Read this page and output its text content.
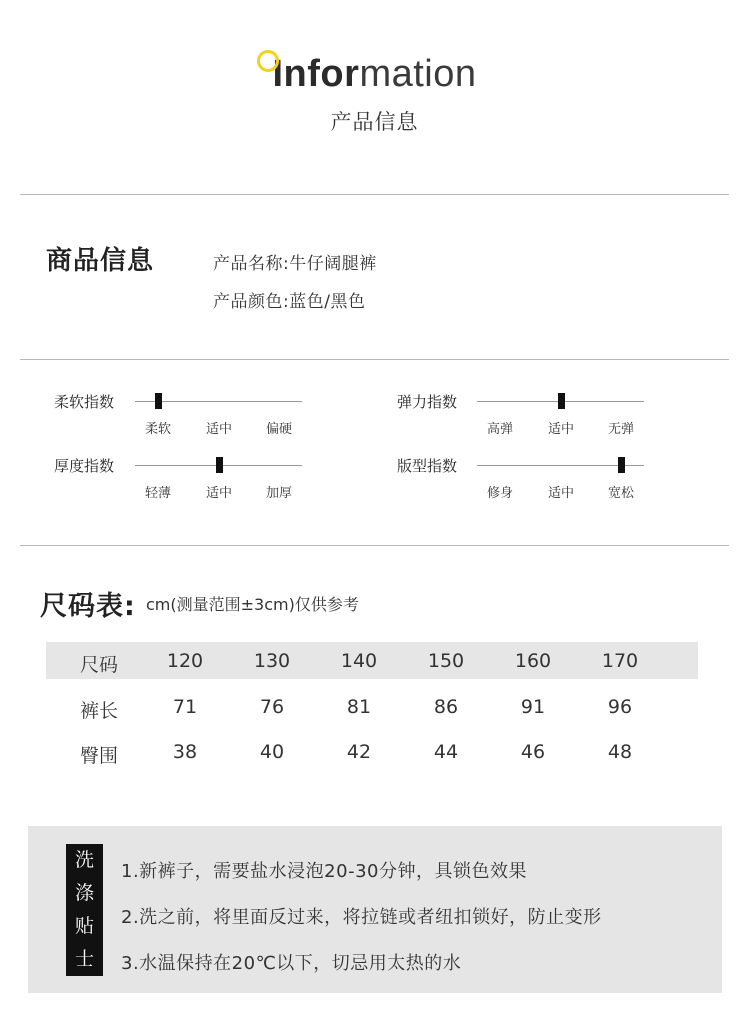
Information
产品信息
商品信息	产品名称:牛仔阔腿裤
产品颜色:蓝色/黑色
柔软指数
柔软	适中	偏硬
弹力指数
高弹	适中	无弹
厚度指数
轻薄	适中	加厚
版型指数
修身	适中	宽松
尺码表: cm(测量范围±3cm)仅供参考
尺码	120	130	140	150	160	170
裤长	71	76	81	86	91	96
臀围	38	40	42	44	46	48
洗
涤
贴
士
1.新裤子，需要盐水浸泡20-30分钟，具锁色效果
2.洗之前，将里面反过来，将拉链或者纽扣锁好，防止变形
3.水温保持在20℃以下，切忌用太热的水
